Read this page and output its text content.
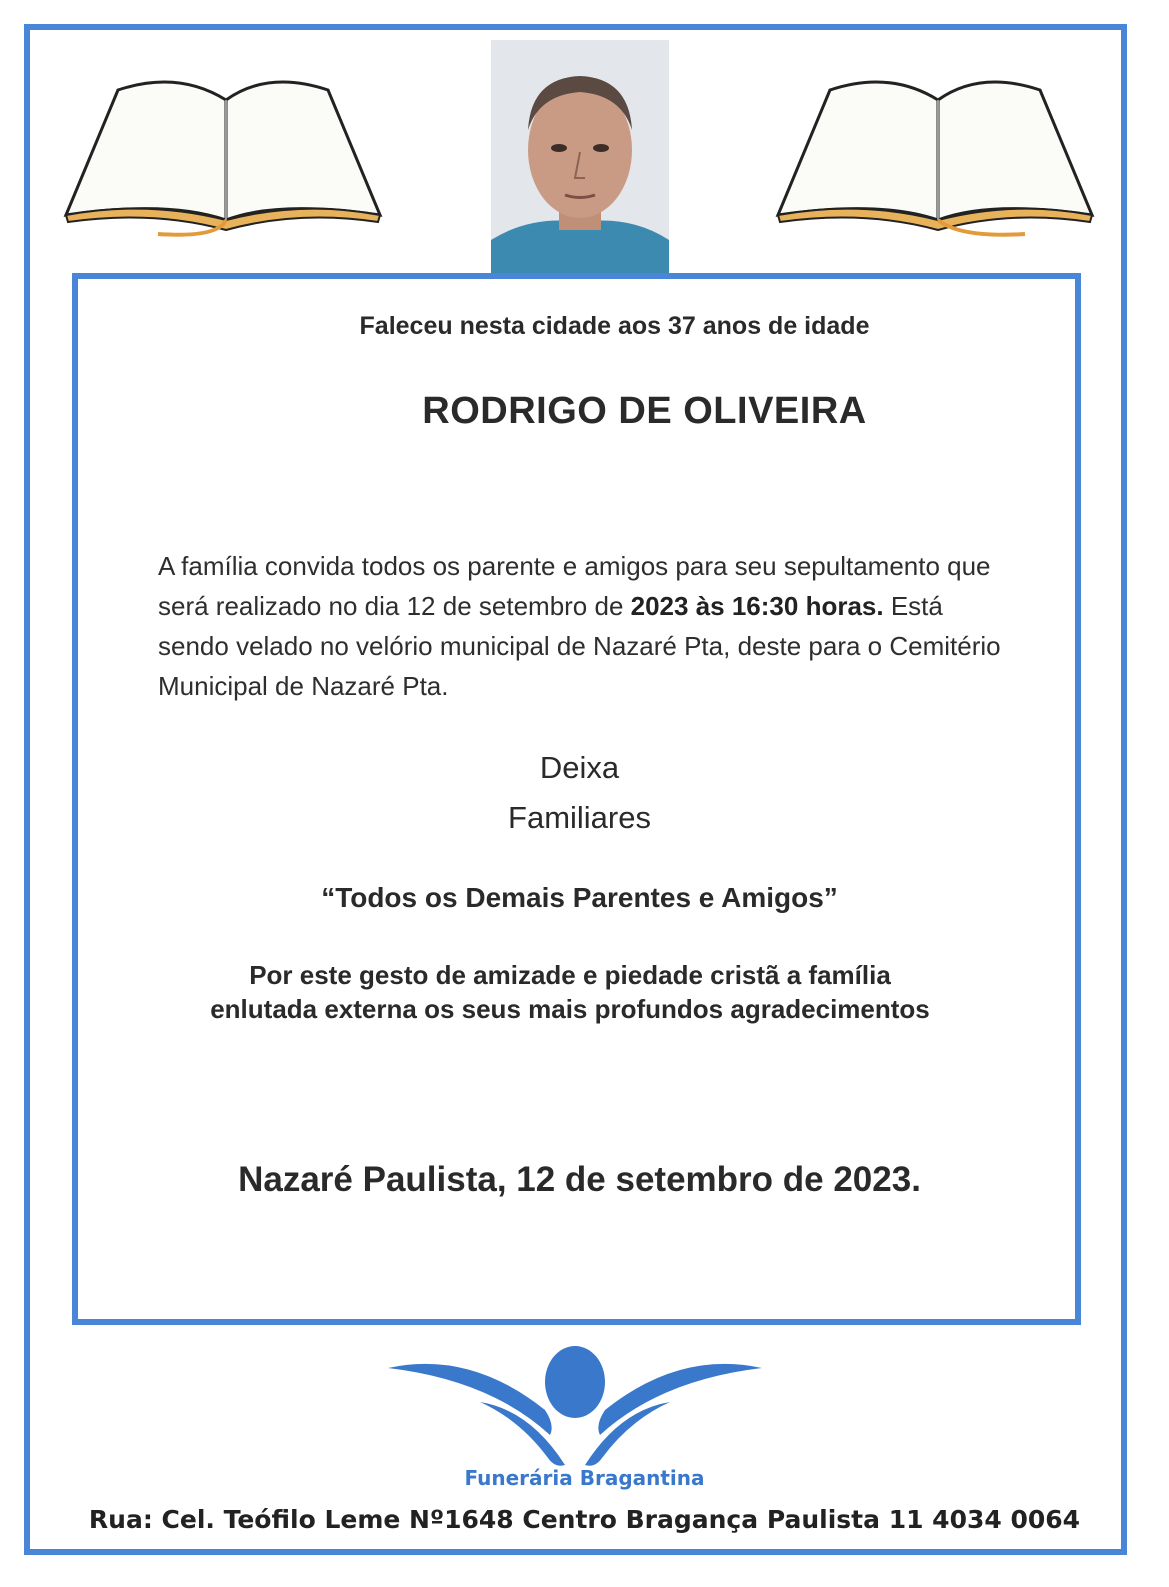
Faleceu nesta cidade aos 37 anos de idade
RODRIGO DE OLIVEIRA
A família convida todos os parente e amigos para seu sepultamento que será realizado no dia 12 de setembro de 2023 às 16:30 horas. Está sendo velado no velório municipal de Nazaré Pta, deste para o Cemitério Municipal de Nazaré Pta.
Deixa
Familiares
“Todos os Demais Parentes e Amigos”
Por este gesto de amizade e piedade cristã a família
enlutada externa os seus mais profundos agradecimentos
Nazaré Paulista, 12 de setembro de 2023.
Funerária Bragantina
Rua: Cel. Teófilo Leme Nº1648 Centro Bragança Paulista 11 4034 0064
